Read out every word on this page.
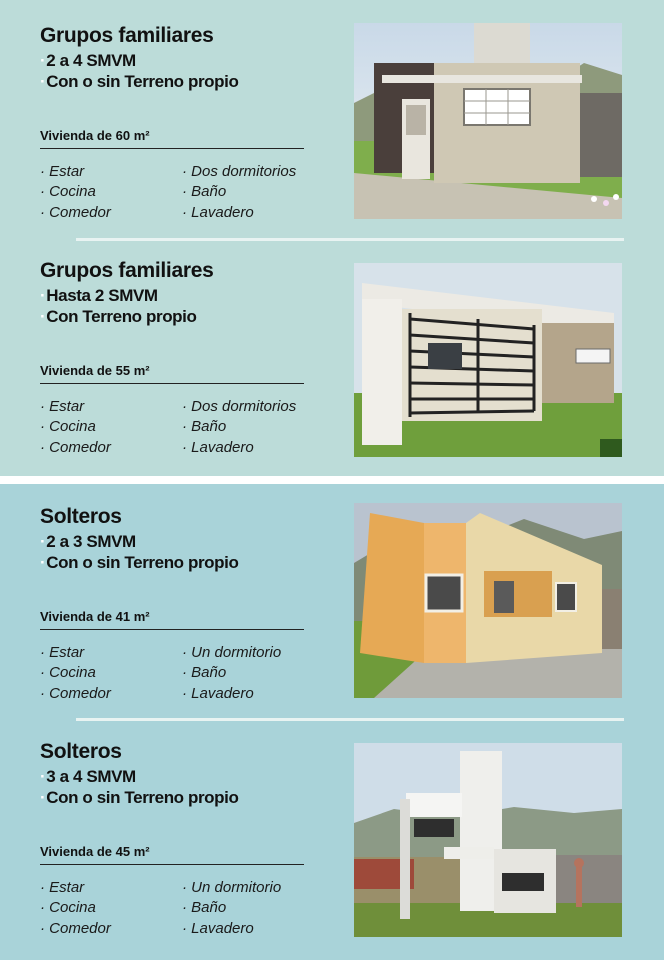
Grupos familiares
·2 a 4 SMVM
·Con o sin Terreno propio
Vivienda de 60 m²
· Estar
· Cocina
· Comedor
· Dos dormitorios
· Baño
· Lavadero
Grupos familiares
·Hasta 2 SMVM
·Con Terreno propio
Vivienda de 55 m²
· Estar
· Cocina
· Comedor
· Dos dormitorios
· Baño
· Lavadero
Solteros
·2 a 3 SMVM
·Con o sin Terreno propio
Vivienda de 41 m²
· Estar
· Cocina
· Comedor
· Un dormitorio
· Baño
· Lavadero
Solteros
·3 a 4 SMVM
·Con o sin Terreno propio
Vivienda de 45 m²
· Estar
· Cocina
· Comedor
· Un dormitorio
· Baño
· Lavadero
